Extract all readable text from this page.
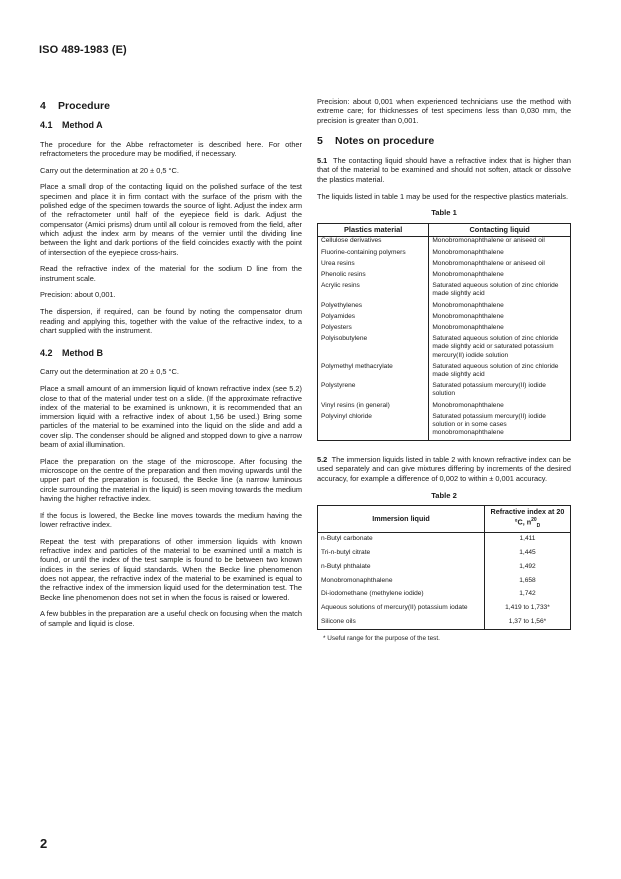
ISO 489-1983 (E)
4 Procedure
4.1 Method A

The procedure for the Abbe refractometer is described here. For other refractometers the procedure may be modified, if necessary.

Carry out the determination at 20 ± 0,5 °C.

Place a small drop of the contacting liquid on the polished surface of the test specimen and place it in firm contact with the surface of the prism with the polished edge of the specimen towards the source of light. Adjust the index arm of the refractometer until half of the eyepiece field is dark. Adjust the compensator (Amici prisms) drum until all colour is removed from the field, after which adjust the index arm by means of the vernier until the dividing line between the light and dark portions of the field coincides exactly with the point of intersection of the eyepiece cross-hairs.

Read the refractive index of the material for the sodium D line from the instrument scale.

Precision: about 0,001.

The dispersion, if required, can be found by noting the compensator drum reading and applying this, together with the value of the refractive index, to a chart supplied with the instrument.

4.2 Method B

Carry out the determination at 20 ± 0,5 °C.

Place a small amount of an immersion liquid of known refractive index (see 5.2) close to that of the material under test on a slide. (If the approximate refractive index of the material to be examined is unknown, it is recommended that an immersion liquid with a refractive index of about 1,56 be used.) Bring some particles of the material to be examined into the liquid on the slide and add a cover slip. The condenser should be aligned and stopped down to give a narrow beam of axial illumination.

Place the preparation on the stage of the microscope. After focusing the microscope on the centre of the preparation and then moving upwards until the upper part of the preparation is focused, the Becke line (a narrow luminous circle surrounding the material in the liquid) is seen moving towards the medium having the higher refractive index.

If the focus is lowered, the Becke line moves towards the medium having the lower refractive index.

Repeat the test with preparations of other immersion liquids with known refractive index and particles of the material to be examined until a match is found, or until the index of the test sample is found to be between two known indices in the series of liquid standards. When the Becke line phenomenon does not appear, the refractive index of the material to be examined is equal to the refractive index of the immersion liquid used for the determination test. The Becke line phenomenon does not set in when the focus is raised or lowered.

A few bubbles in the preparation are a useful check on focusing when the match of sample and liquid is close.

Precision: about 0,001 when experienced technicians use the method with extreme care; for thicknesses of test specimens less than 0,030 mm, the precision is greater than 0,001.

5 Notes on procedure

5.1 The contacting liquid should have a refractive index that is higher than that of the material to be examined and should not soften, attack or dissolve the plastics material.

The liquids listed in table 1 may be used for the respective plastics materials.

Table 1
Plastics material	Contacting liquid
Cellulose derivatives	Monobromonaphthalene or aniseed oil
Fluorine-containing polymers	Monobromonaphthalene
Urea resins	Monobromonaphthalene or aniseed oil
Phenolic resins	Monobromonaphthalene
Acrylic resins	Saturated aqueous solution of zinc chloride made slightly acid
Polyethylenes	Monobromonaphthalene
Polyamides	Monobromonaphthalene
Polyesters	Monobromonaphthalene
Polyisobutylene	Saturated aqueous solution of zinc chloride made slightly acid or saturated potassium mercury(II) iodide solution
Polymethyl methacrylate	Saturated aqueous solution of zinc chloride made slightly acid
Polystyrene	Saturated potassium mercury(II) iodide solution
Vinyl resins (in general)	Monobromonaphthalene
Polyvinyl chloride	Saturated potassium mercury(II) iodide solution or in some cases monobromonaphthalene

5.2 The immersion liquids listed in table 2 with known refractive index can be used separately and can give mixtures differing by increments of the desired accuracy, for example a difference of 0,002 to within ± 0,001 accuracy.

Table 2
Immersion liquid	Refractive index at 20 °C, $n^{20}_D$
n-Butyl carbonate	1,411
Tri-n-butyl citrate	1,445
n-Butyl phthalate	1,492
Monobromonaphthalene	1,658
Di-iodomethane (methylene iodide)	1,742
Aqueous solutions of mercury(II) potassium iodate	1,419 to 1,733*
Silicone oils	1,37 to 1,56*
* Useful range for the purpose of the test.
2
